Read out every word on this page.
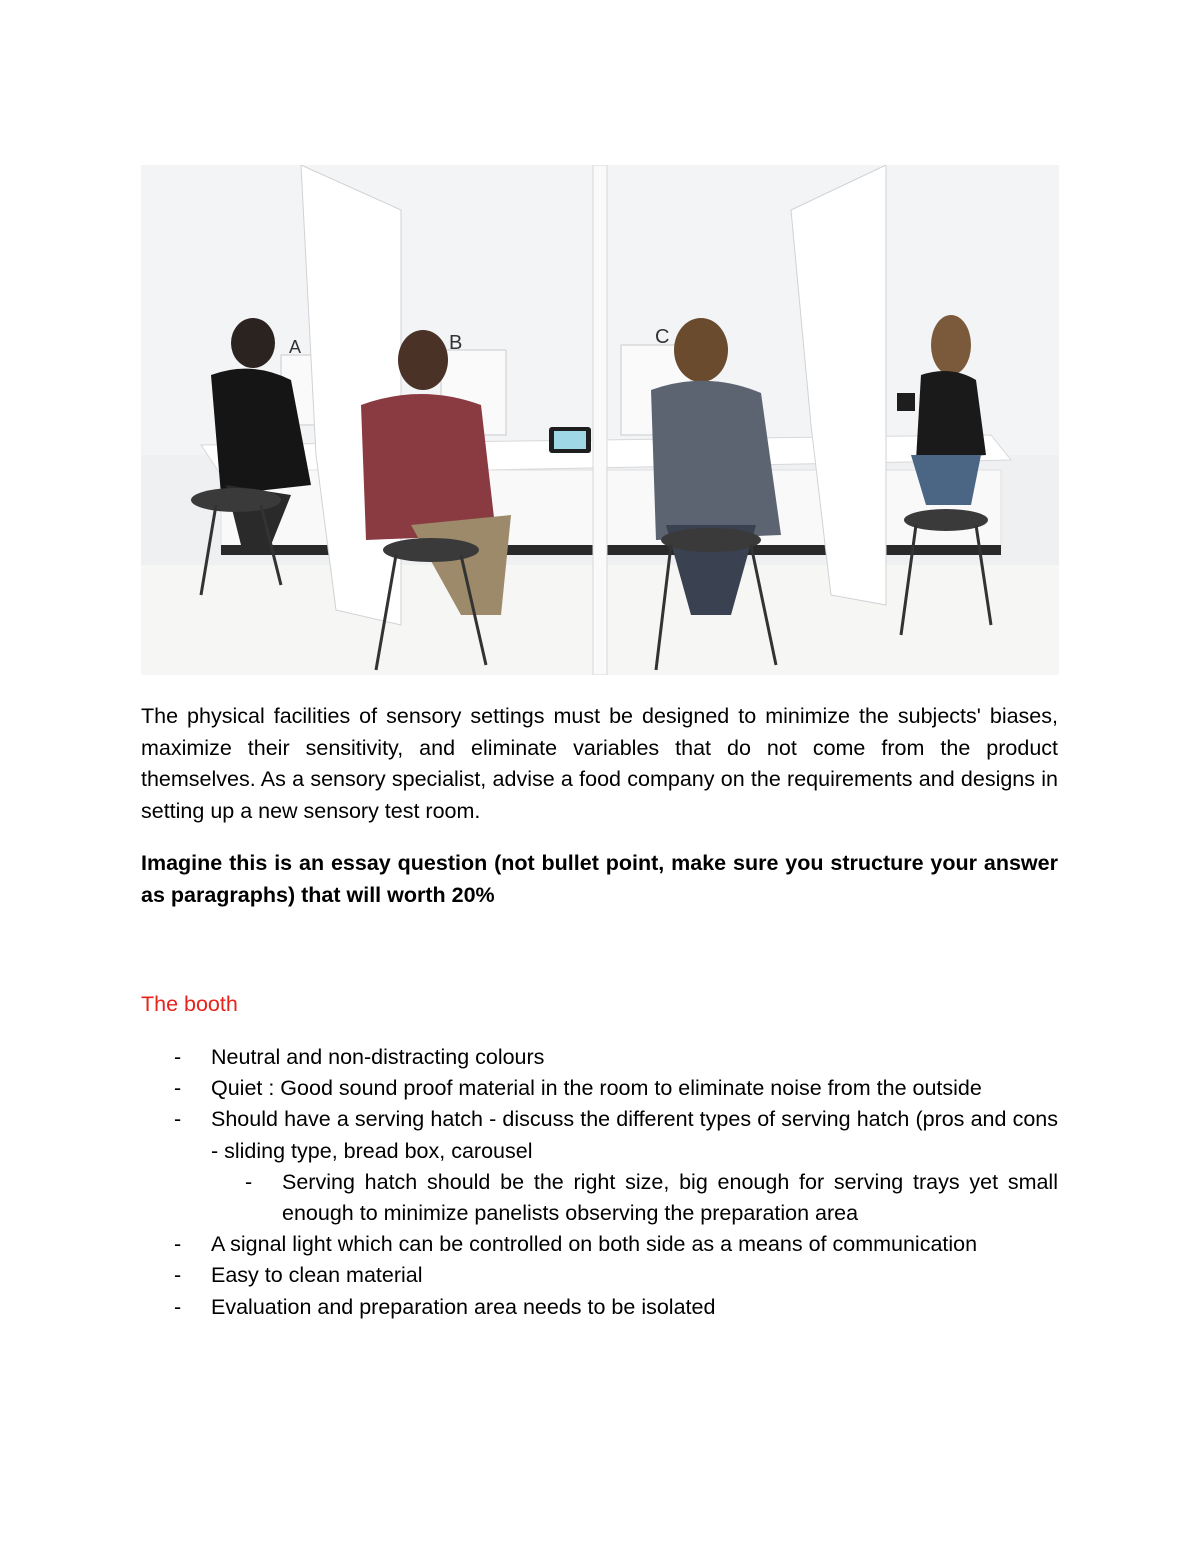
A	B	C

The physical facilities of sensory settings must be designed to minimize the subjects' biases, maximize their sensitivity, and eliminate variables that do not come from the product themselves. As a sensory specialist, advise a food company on the requirements and designs in setting up a new sensory test room.

Imagine this is an essay question (not bullet point, make sure you structure your answer as paragraphs) that will worth 20%

The booth

- Neutral and non-distracting colours
- Quiet : Good sound proof material in the room to eliminate noise from the outside
- Should have a serving hatch - discuss the different types of serving hatch (pros and cons - sliding type, bread box, carousel
- Serving hatch should be the right size, big enough for serving trays yet small enough to minimize panelists observing the preparation area
- A signal light which can be controlled on both side as a means of communication
- Easy to clean material
- Evaluation and preparation area needs to be isolated
